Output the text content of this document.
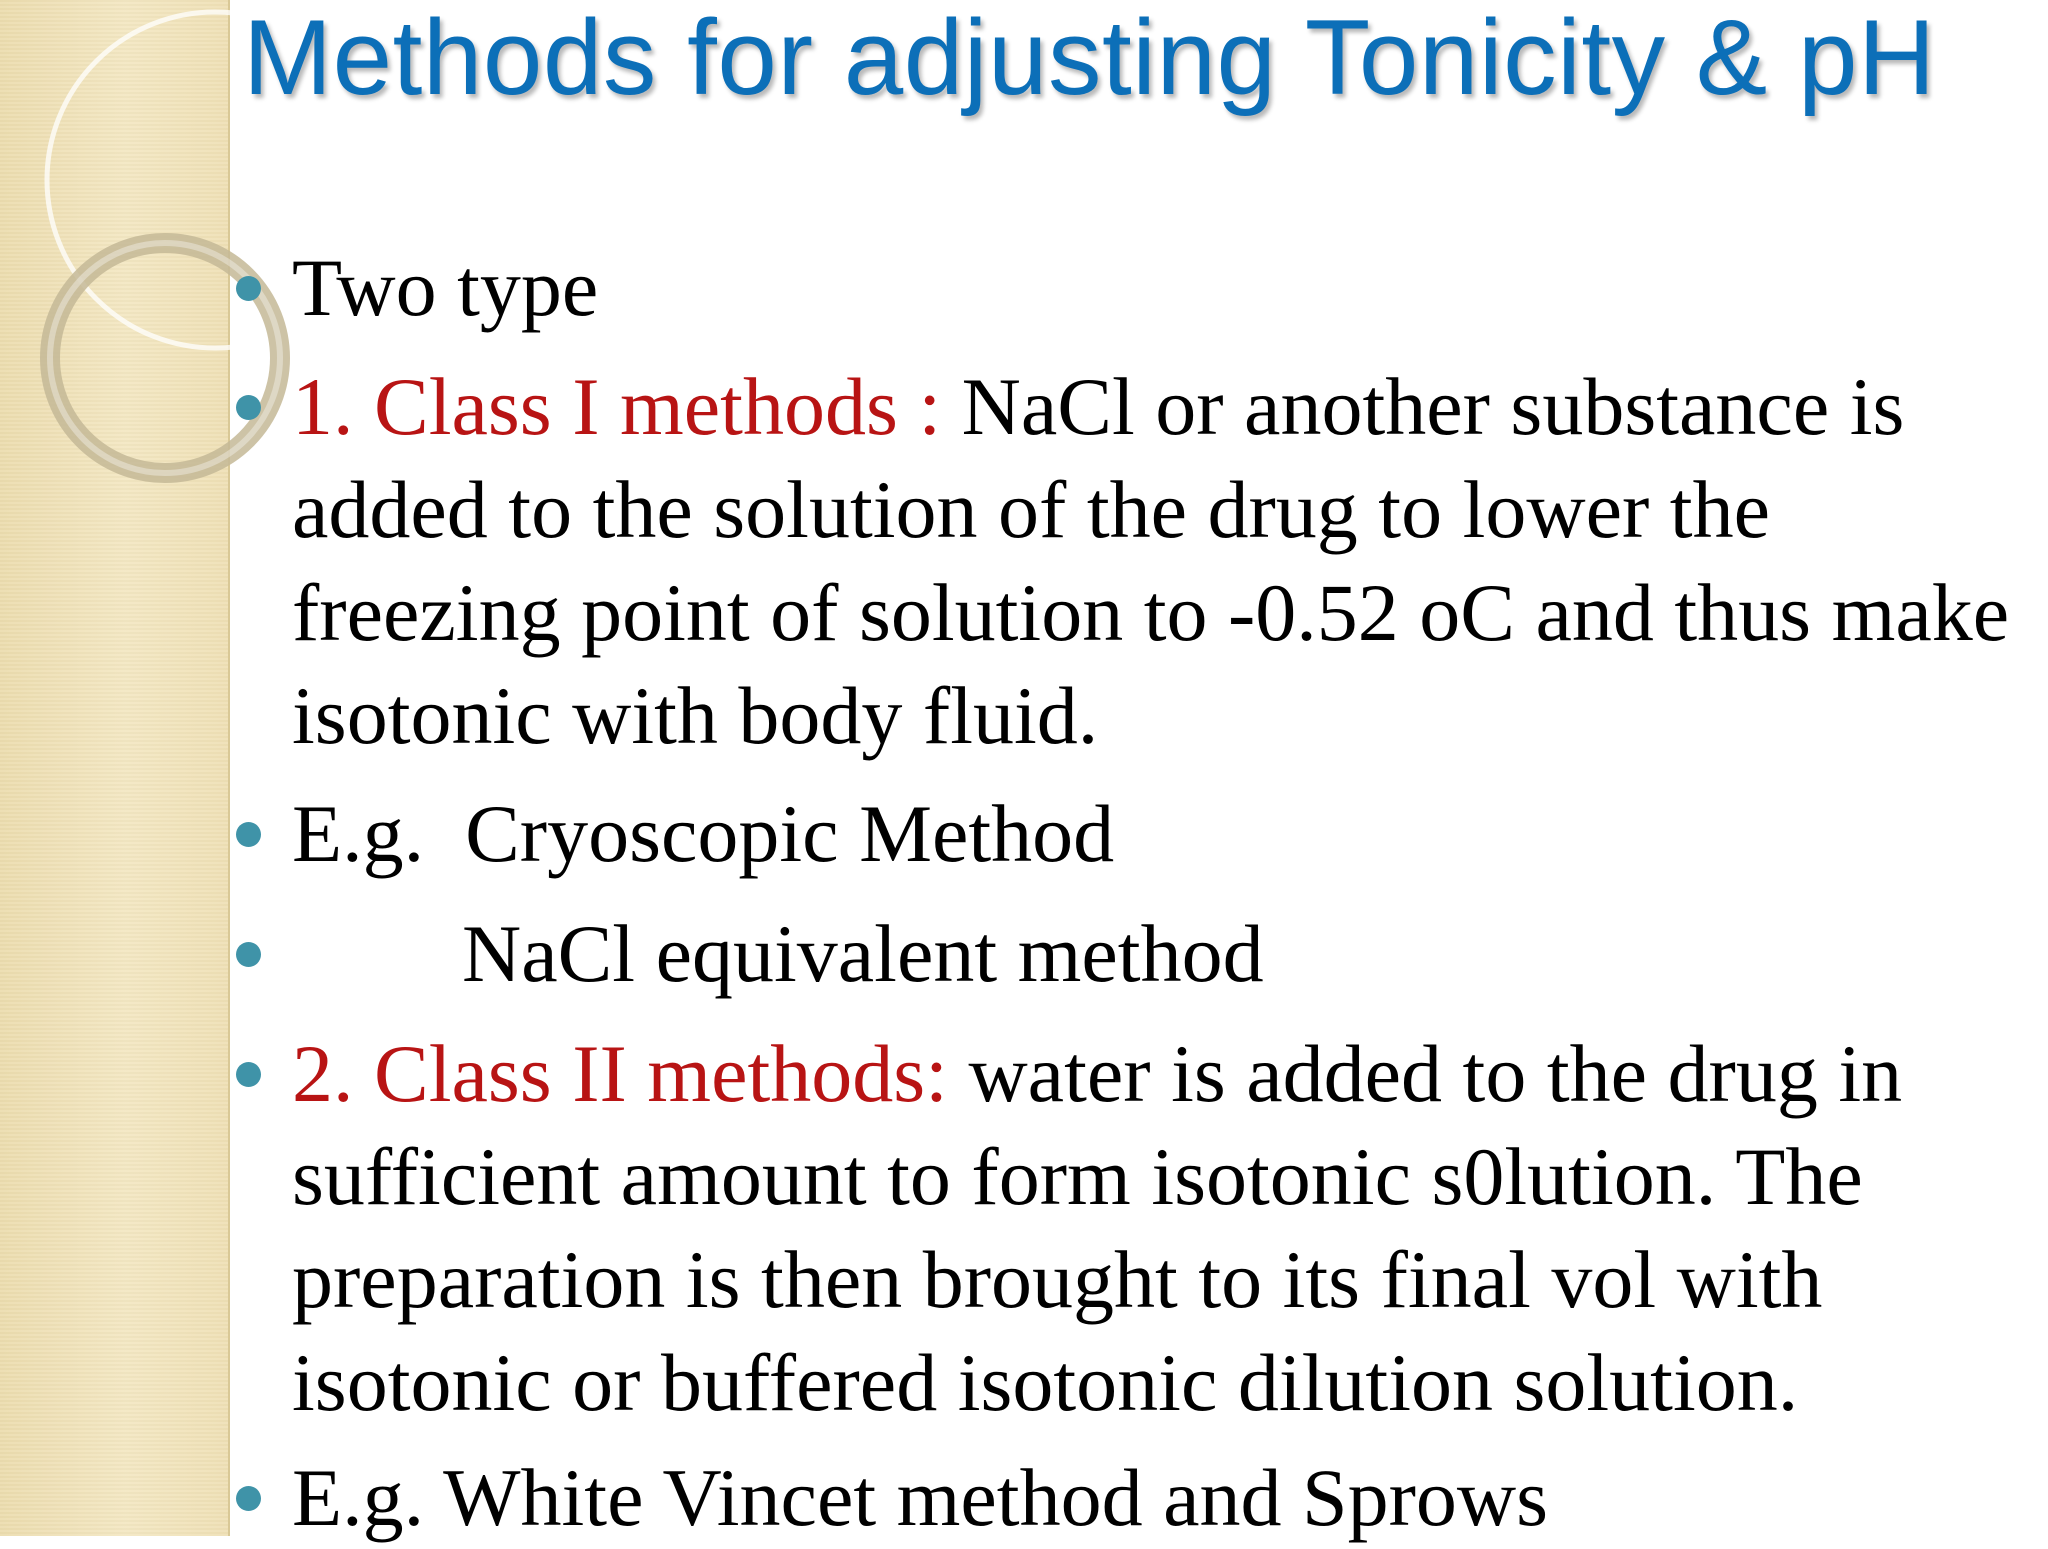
Methods for adjusting Tonicity & pH
Two type
1. Class I methods : NaCl or another substance is added to the solution of the drug to lower the freezing point of solution to -0.52 oC and thus make isotonic with body fluid.
E.g.  Cryoscopic Method
NaCl equivalent method
2. Class II methods: water is added to the drug in sufficient amount to form isotonic s0lution. The preparation is then brought to its final vol with isotonic or buffered isotonic dilution solution.
E.g. White Vincet method and Sprows
